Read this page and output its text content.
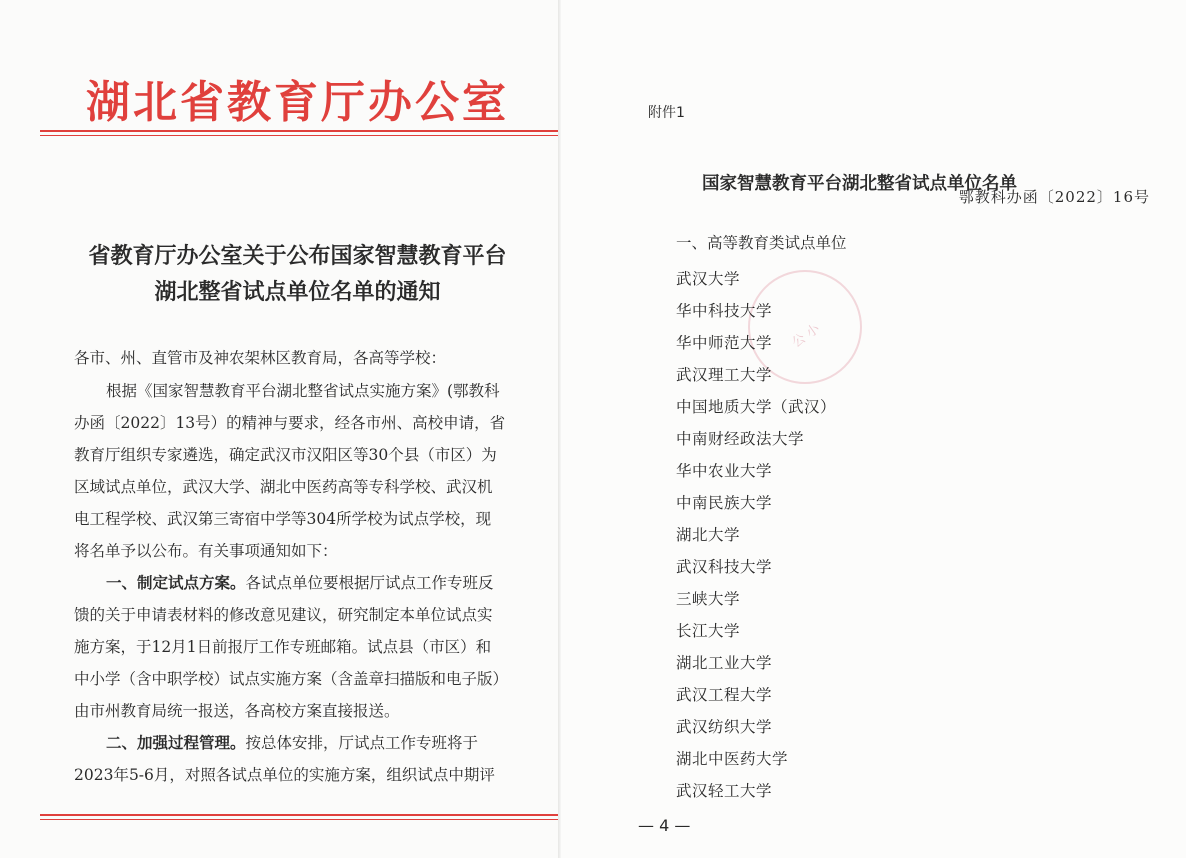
湖北省教育厅办公室
鄂教科办函〔2022〕16号
省教育厅办公室关于公布国家智慧教育平台
湖北整省试点单位名单的通知
各市、州、直管市及神农架林区教育局，各高等学校：
根据《国家智慧教育平台湖北整省试点实施方案》(鄂教科
办函〔2022〕13号）的精神与要求，经各市州、高校申请，省
教育厅组织专家遴选，确定武汉市汉阳区等30个县（市区）为
区域试点单位，武汉大学、湖北中医药高等专科学校、武汉机
电工程学校、武汉第三寄宿中学等304所学校为试点学校，现
将名单予以公布。有关事项通知如下：
一、制定试点方案。各试点单位要根据厅试点工作专班反
馈的关于申请表材料的修改意见建议，研究制定本单位试点实
施方案，于12月1日前报厅工作专班邮箱。试点县（市区）和
中小学（含中职学校）试点实施方案（含盖章扫描版和电子版）
由市州教育局统一报送，各高校方案直接报送。
二、加强过程管理。按总体安排，厅试点工作专班将于
2023年5-6月，对照各试点单位的实施方案，组织试点中期评
附件1
国家智慧教育平台湖北整省试点单位名单
一、高等教育类试点单位
公 小
武汉大学
华中科技大学
华中师范大学
武汉理工大学
中国地质大学（武汉）
中南财经政法大学
华中农业大学
中南民族大学
湖北大学
武汉科技大学
三峡大学
长江大学
湖北工业大学
武汉工程大学
武汉纺织大学
湖北中医药大学
武汉轻工大学
— 4 —
